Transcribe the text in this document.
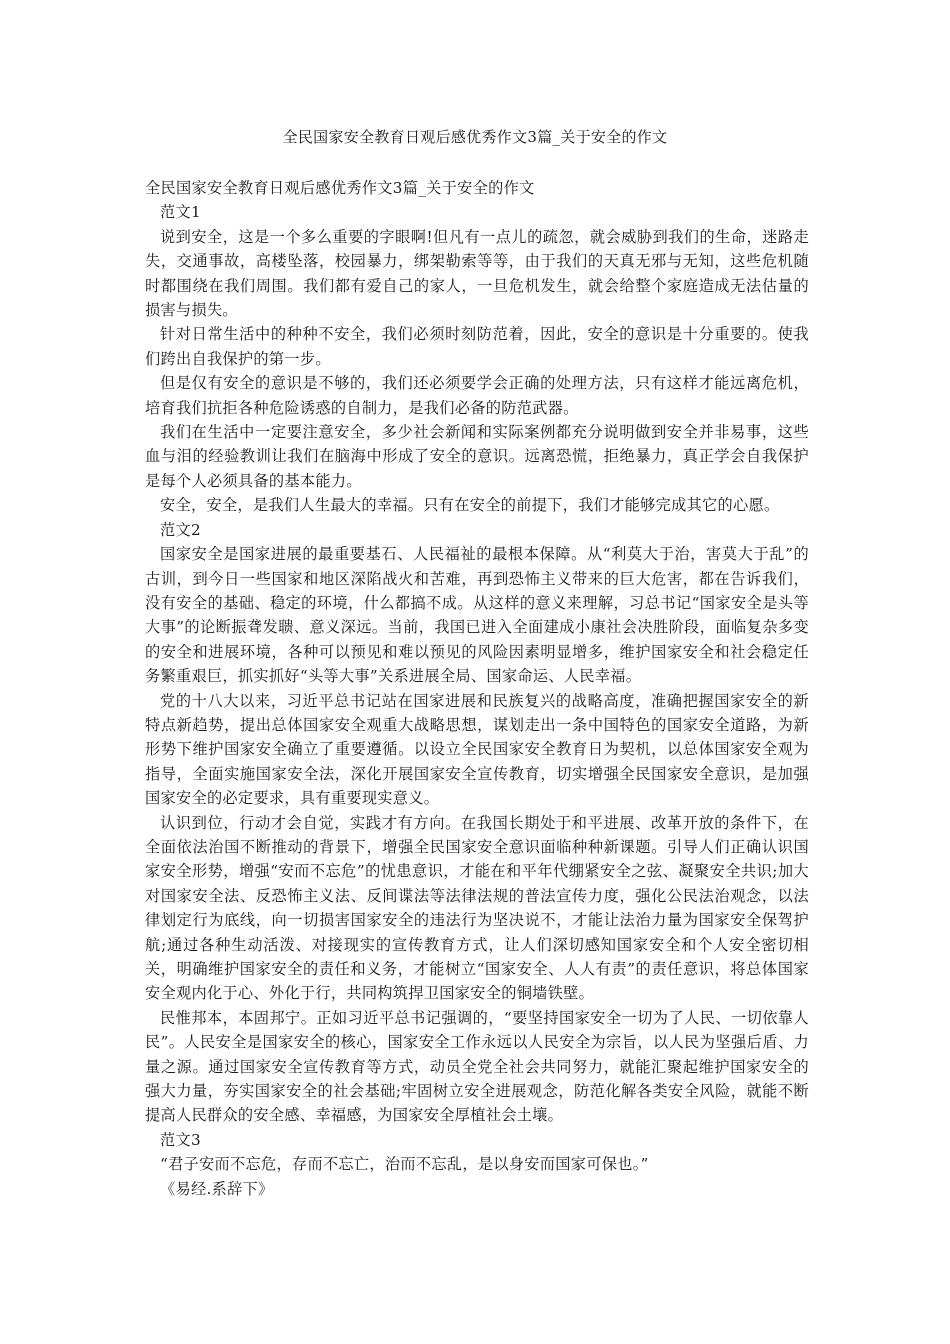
全民国家安全教育日观后感优秀作文3篇_关于安全的作文

全民国家安全教育日观后感优秀作文3篇_关于安全的作文

范文1

说到安全，这是一个多么重要的字眼啊!但凡有一点儿的疏忽，就会威胁到我们的生命，迷路走失，交通事故，高楼坠落，校园暴力，绑架勒索等等，由于我们的天真无邪与无知，这些危机随时都围绕在我们周围。我们都有爱自己的家人，一旦危机发生，就会给整个家庭造成无法估量的损害与损失。

针对日常生活中的种种不安全，我们必须时刻防范着，因此，安全的意识是十分重要的。使我们跨出自我保护的第一步。

但是仅有安全的意识是不够的，我们还必须要学会正确的处理方法，只有这样才能远离危机，培育我们抗拒各种危险诱惑的自制力，是我们必备的防范武器。

我们在生活中一定要注意安全，多少社会新闻和实际案例都充分说明做到安全并非易事，这些血与泪的经验教训让我们在脑海中形成了安全的意识。远离恐慌，拒绝暴力，真正学会自我保护是每个人必须具备的基本能力。

安全，安全，是我们人生最大的幸福。只有在安全的前提下，我们才能够完成其它的心愿。

范文2

国家安全是国家进展的最重要基石、人民福祉的最根本保障。从“利莫大于治，害莫大于乱”的古训，到今日一些国家和地区深陷战火和苦难，再到恐怖主义带来的巨大危害，都在告诉我们，没有安全的基础、稳定的环境，什么都搞不成。从这样的意义来理解，习总书记“国家安全是头等大事”的论断振聋发聩、意义深远。当前，我国已进入全面建成小康社会决胜阶段，面临复杂多变的安全和进展环境，各种可以预见和难以预见的风险因素明显增多，维护国家安全和社会稳定任务繁重艰巨，抓实抓好“头等大事”关系进展全局、国家命运、人民幸福。

党的十八大以来，习近平总书记站在国家进展和民族复兴的战略高度，准确把握国家安全的新特点新趋势，提出总体国家安全观重大战略思想，谋划走出一条中国特色的国家安全道路，为新形势下维护国家安全确立了重要遵循。以设立全民国家安全教育日为契机，以总体国家安全观为指导，全面实施国家安全法，深化开展国家安全宣传教育，切实增强全民国家安全意识，是加强国家安全的必定要求，具有重要现实意义。

认识到位，行动才会自觉，实践才有方向。在我国长期处于和平进展、改革开放的条件下，在全面依法治国不断推动的背景下，增强全民国家安全意识面临种种新课题。引导人们正确认识国家安全形势，增强“安而不忘危”的忧患意识，才能在和平年代绷紧安全之弦、凝聚安全共识;加大对国家安全法、反恐怖主义法、反间谍法等法律法规的普法宣传力度，强化公民法治观念，以法律划定行为底线，向一切损害国家安全的违法行为坚决说不，才能让法治力量为国家安全保驾护航;通过各种生动活泼、对接现实的宣传教育方式，让人们深切感知国家安全和个人安全密切相关，明确维护国家安全的责任和义务，才能树立“国家安全、人人有责”的责任意识，将总体国家安全观内化于心、外化于行，共同构筑捍卫国家安全的铜墙铁壁。

民惟邦本，本固邦宁。正如习近平总书记强调的，“要坚持国家安全一切为了人民、一切依靠人民”。人民安全是国家安全的核心，国家安全工作永远以人民安全为宗旨，以人民为坚强后盾、力量之源。通过国家安全宣传教育等方式，动员全党全社会共同努力，就能汇聚起维护国家安全的强大力量，夯实国家安全的社会基础;牢固树立安全进展观念，防范化解各类安全风险，就能不断提高人民群众的安全感、幸福感，为国家安全厚植社会土壤。

范文3

“君子安而不忘危，存而不忘亡，治而不忘乱，是以身安而国家可保也。”

《易经.系辞下》
